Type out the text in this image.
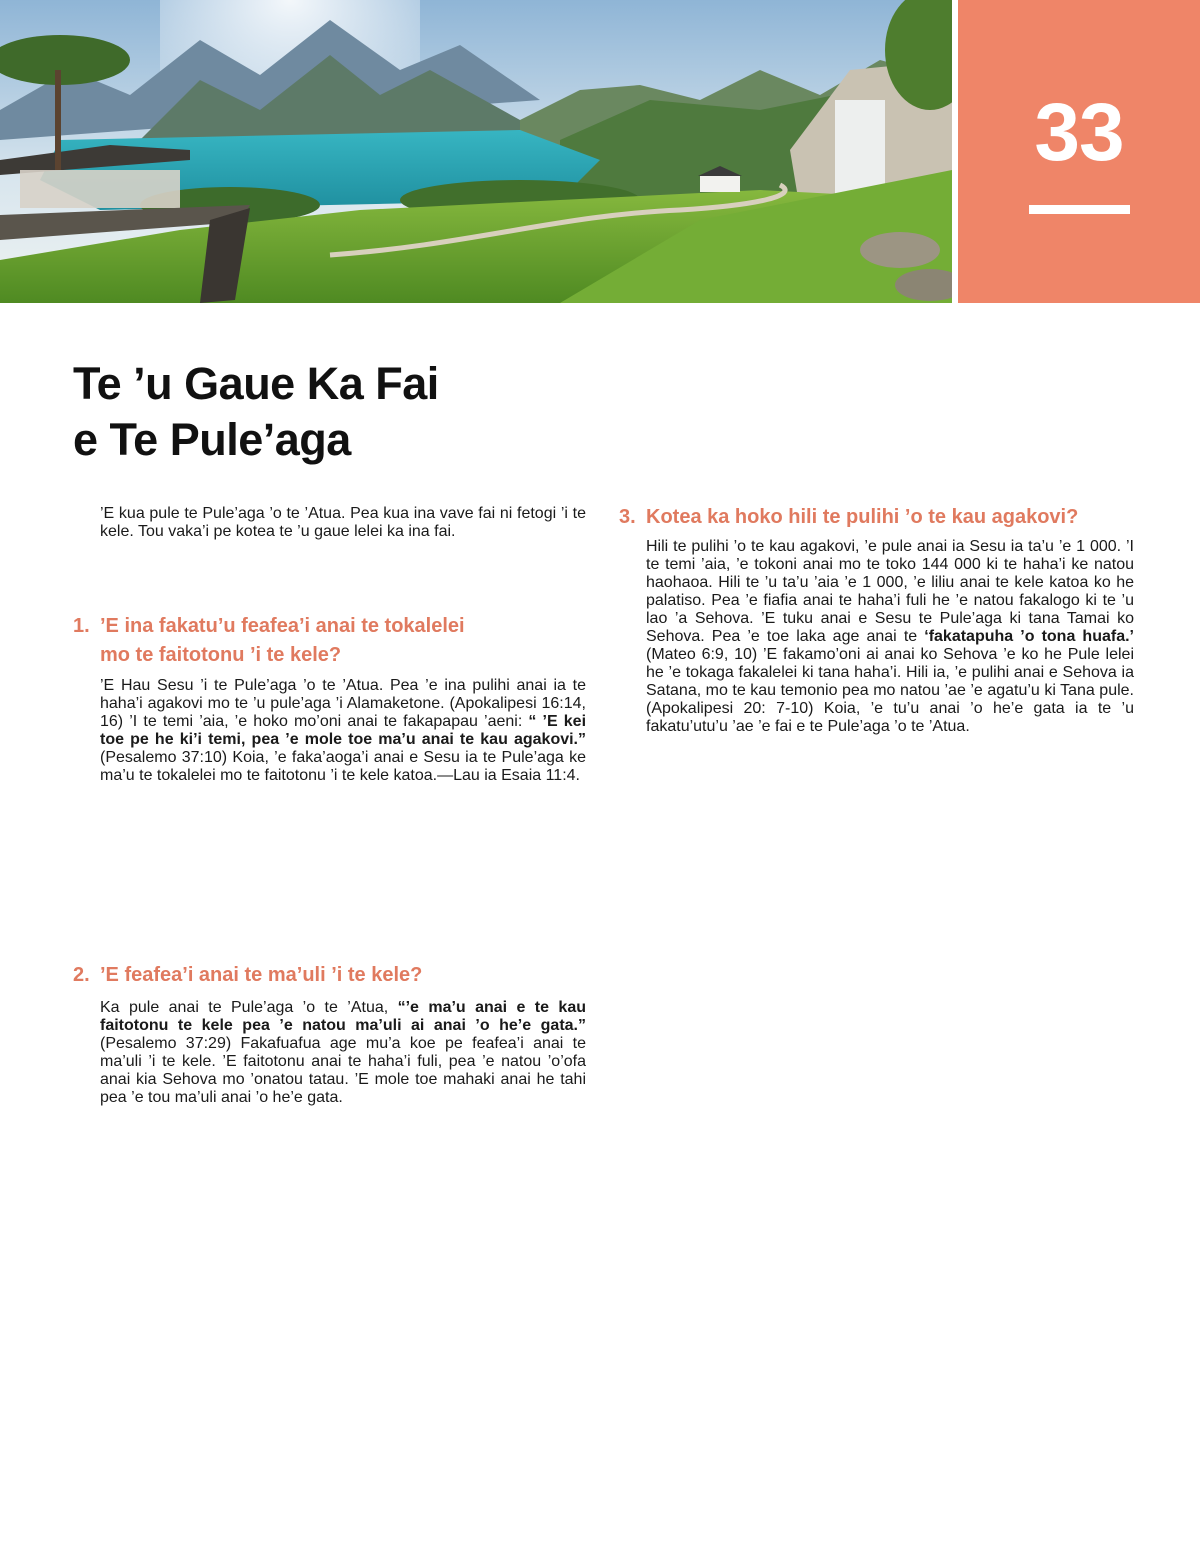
33
Te ’u Gaue Ka Fai
e Te Pule’aga

’E kua pule te Pule’aga ’o te ’Atua. Pea kua ina vave fai ni fetogi ’i te kele. Tou vaka’i pe kotea te ’u gaue lelei ka ina fai.

1. ’E ina fakatu’u feafea’i anai te tokalelei
mo te faitotonu ’i te kele?

’E Hau Sesu ’i te Pule’aga ’o te ’Atua. Pea ’e ina pulihi anai ia te haha’i agakovi mo te ’u pule’aga ’i Alamaketone. (Apokalipesi 16:14, 16) ’I te temi ’aia, ’e hoko mo’oni anai te fakapapau ’aeni: “ ’E kei toe pe he ki’i temi, pea ’e mole toe ma’u anai te kau agakovi.” (Pesalemo 37:10) Koia, ’e faka’aoga’i anai e Sesu ia te Pule’aga ke ma’u te tokalelei mo te faitotonu ’i te kele katoa.—Lau ia Esaia 11:4.

2. ’E feafea’i anai te ma’uli ’i te kele?

Ka pule anai te Pule’aga ’o te ’Atua, “’e ma’u anai e te kau faitotonu te kele pea ’e natou ma’uli ai anai ’o he’e gata.” (Pesalemo 37:29) Fakafuafua age mu’a koe pe feafea’i anai te ma’uli ’i te kele. ’E faitotonu anai te haha’i fuli, pea ’e natou ’o’ofa anai kia Sehova mo ’onatou tatau. ’E mole toe mahaki anai he tahi pea ’e tou ma’uli anai ’o he’e gata.

3. Kotea ka hoko hili te pulihi ’o te kau agakovi?

Hili te pulihi ’o te kau agakovi, ’e pule anai ia Sesu ia ta’u ’e 1 000. ’I te temi ’aia, ’e tokoni anai mo te toko 144 000 ki te haha’i ke natou haohaoa. Hili te ’u ta’u ’aia ’e 1 000, ’e liliu anai te kele katoa ko he palatiso. Pea ’e fiafia anai te haha’i fuli he ’e natou fakalogo ki te ’u lao ’a Sehova. ’E tuku anai e Sesu te Pule’aga ki tana Tamai ko Sehova. Pea ’e toe laka age anai te ‘fakatapuha ’o tona huafa.’ (Mateo 6:9, 10) ’E fakamo’oni ai anai ko Sehova ’e ko he Pule lelei he ’e tokaga fakalelei ki tana haha’i. Hili ia, ’e pulihi anai e Sehova ia Satana, mo te kau temonio pea mo natou ’ae ’e agatu’u ki Tana pule. (Apokalipesi 20: 7-10) Koia, ’e tu’u anai ’o he’e gata ia te ’u fakatu’utu’u ’ae ’e fai e te Pule’aga ’o te ’Atua.
